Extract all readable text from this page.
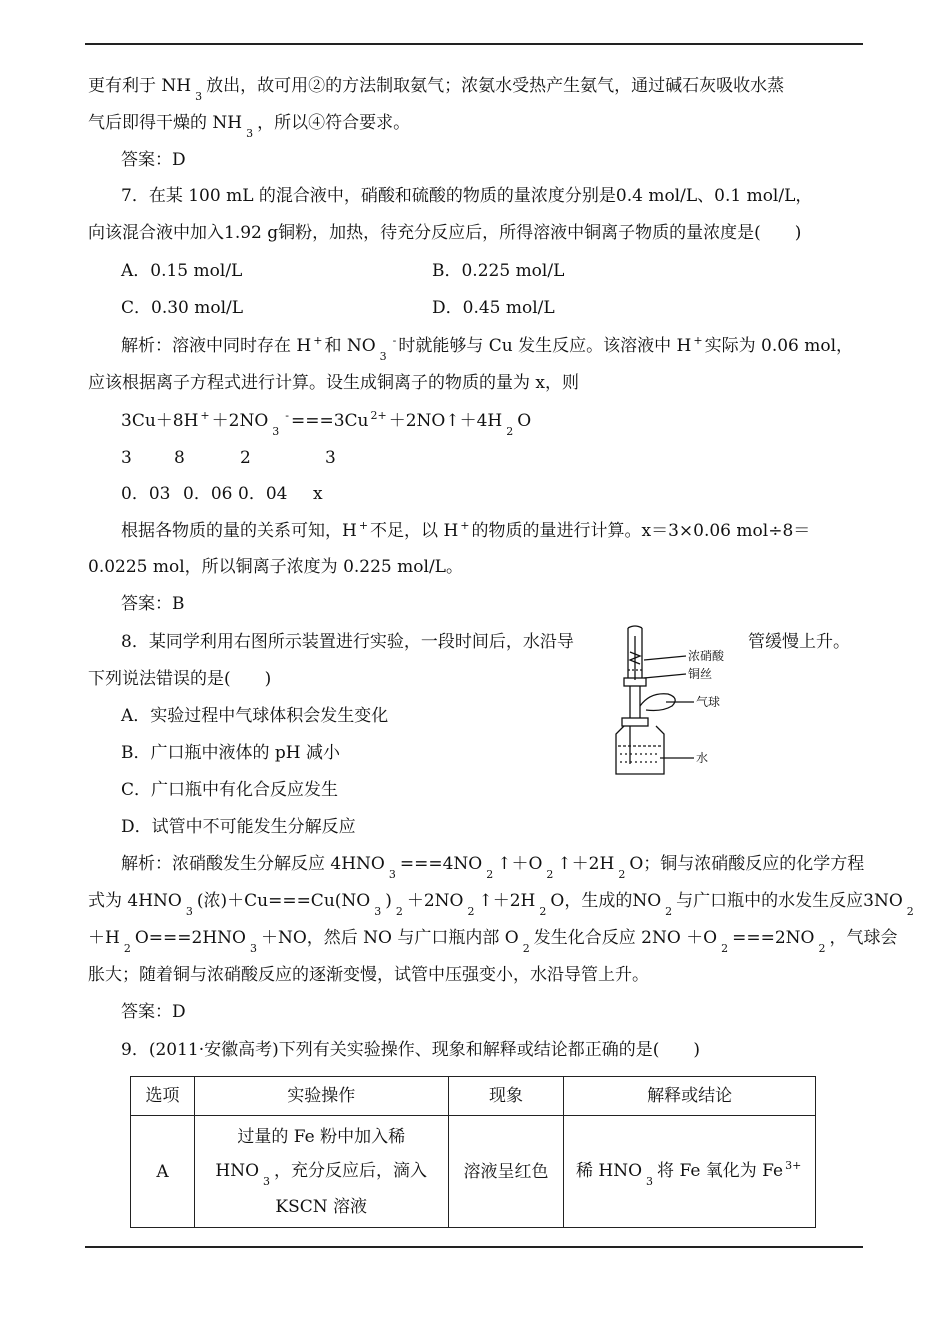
更有利于 $NH_3$放出，故可用②的方法制取氨气；浓氨水受热产生氨气，通过碱石灰吸收水蒸
气后即得干燥的 $NH_3$，所以④符合要求。
答案：D
7．在某 100 mL 的混合液中，硝酸和硫酸的物质的量浓度分别是0.4 mol/L、0.1 mol/L，
向该混合液中加入1.92 g铜粉，加热，待充分反应后，所得溶液中铜离子物质的量浓度是(　　)
A．0.15 mol/L	B．0.225 mol/L
C．0.30 mol/L	D．0.45 mol/L
解析：溶液中同时存在 H + 和 $NO_3^-$ 时就能够与 Cu 发生反应。该溶液中 H + 实际为 0.06 mol，
应该根据离子方程式进行计算。设生成铜离子的物质的量为 x，则
3Cu＋8H $^+ +2NO_3^- ===3Cu$ $^{2+} +2NO↑+4H_2O$
3 8	2	3
0．03 0．06 0．04 x
根据各物质的量的关系可知，H + 不足，以 H + 的物质的量进行计算。x＝3×0.06 mol÷8＝
0.0225 mol，所以铜离子浓度为 0.225 mol/L。
答案：B
8．某同学利用右图所示装置进行实验，一段时间后，水沿导	管缓慢上升。
下列说法错误的是(　　)
A．实验过程中气球体积会发生变化
B．广口瓶中液体的 pH 减小
C．广口瓶中有化合反应发生
D．试管中不可能发生分解反应
浓硝酸
铜丝
气球
水
解析：浓硝酸发生分解反应 $4HNO_3===4NO_2↑+O_2↑+2H_2O$；铜与浓硝酸反应的化学方程
式为 $4HNO_3$(浓)$+Cu===Cu(NO_3)_2+2NO_2↑+2H_2O$，生成的$NO_2$与广口瓶中的水发生反应$3NO_2$
$+H_2O===2HNO_3+NO$，然后 NO 与广口瓶内部 $O_2$发生化合反应 $2NO +O_2===2NO_2$，气球会
胀大；随着铜与浓硝酸反应的逐渐变慢，试管中压强变小，水沿导管上升。
答案：D
9．(2011·安徽高考)下列有关实验操作、现象和解释或结论都正确的是(　　)
选项	实验操作	现象	解释或结论
A	过量的 Fe 粉中加入稀
$HNO_3$，充分反应后，滴入
KSCN 溶液	溶液呈红色	稀 $HNO_3$将 Fe 氧化为 Fe $^{3+}$
